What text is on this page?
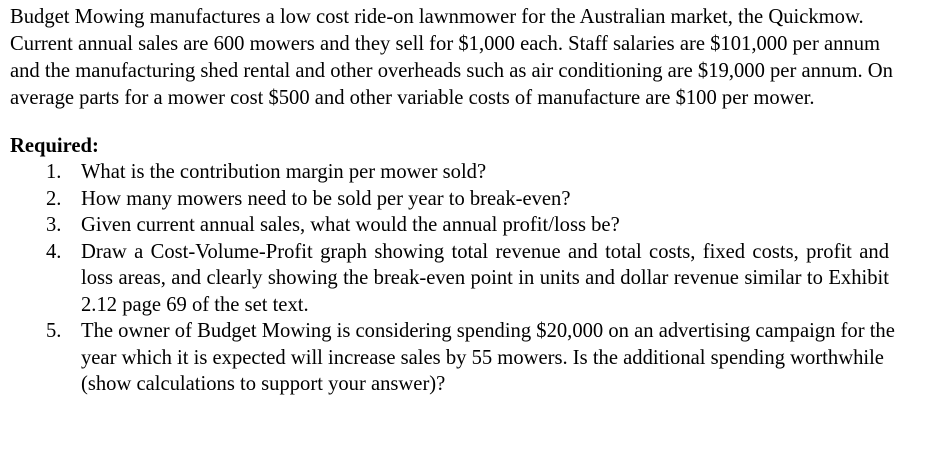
Budget Mowing manufactures a low cost ride-on lawnmower for the Australian market, the Quickmow. Current annual sales are 600 mowers and they sell for $1,000 each. Staff salaries are $101,000 per annum and the manufacturing shed rental and other overheads such as air conditioning are $19,000 per annum. On average parts for a mower cost $500 and other variable costs of manufacture are $100 per mower.

Required:
1. What is the contribution margin per mower sold?
2. How many mowers need to be sold per year to break-even?
3. Given current annual sales, what would the annual profit/loss be?
4. Draw a Cost-Volume-Profit graph showing total revenue and total costs, fixed costs, profit and loss areas, and clearly showing the break-even point in units and dollar revenue similar to Exhibit 2.12 page 69 of the set text.
5. The owner of Budget Mowing is considering spending $20,000 on an advertising campaign for the year which it is expected will increase sales by 55 mowers. Is the additional spending worthwhile (show calculations to support your answer)?
